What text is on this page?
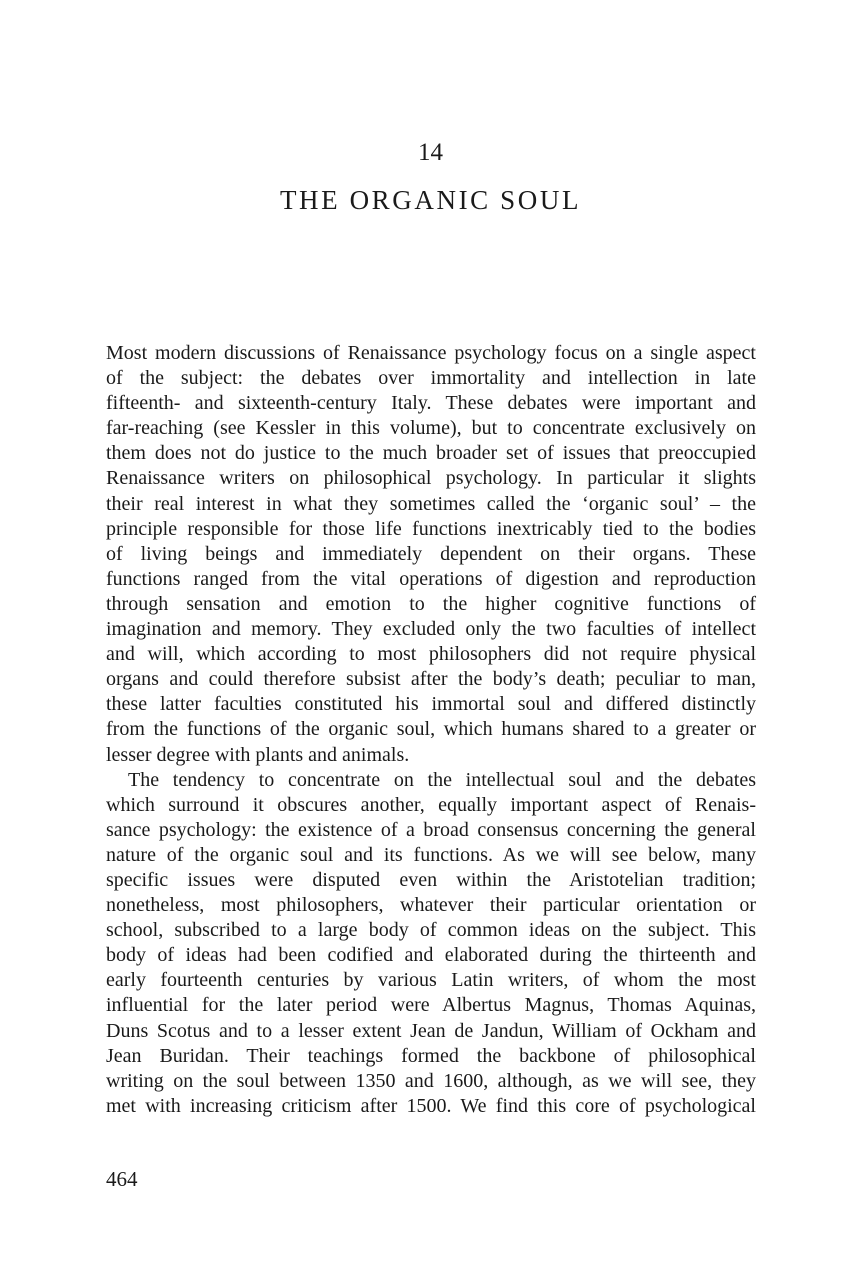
14
THE ORGANIC SOUL
Most modern discussions of Renaissance psychology focus on a single aspect
of the subject: the debates over immortality and intellection in late
fifteenth- and sixteenth-century Italy. These debates were important and
far-reaching (see Kessler in this volume), but to concentrate exclusively on
them does not do justice to the much broader set of issues that preoccupied
Renaissance writers on philosophical psychology. In particular it slights
their real interest in what they sometimes called the ‘organic soul’ – the
principle responsible for those life functions inextricably tied to the bodies
of living beings and immediately dependent on their organs. These
functions ranged from the vital operations of digestion and reproduction
through sensation and emotion to the higher cognitive functions of
imagination and memory. They excluded only the two faculties of intellect
and will, which according to most philosophers did not require physical
organs and could therefore subsist after the body’s death; peculiar to man,
these latter faculties constituted his immortal soul and differed distinctly
from the functions of the organic soul, which humans shared to a greater or
lesser degree with plants and animals.
The tendency to concentrate on the intellectual soul and the debates
which surround it obscures another, equally important aspect of Renais-
sance psychology: the existence of a broad consensus concerning the general
nature of the organic soul and its functions. As we will see below, many
specific issues were disputed even within the Aristotelian tradition;
nonetheless, most philosophers, whatever their particular orientation or
school, subscribed to a large body of common ideas on the subject. This
body of ideas had been codified and elaborated during the thirteenth and
early fourteenth centuries by various Latin writers, of whom the most
influential for the later period were Albertus Magnus, Thomas Aquinas,
Duns Scotus and to a lesser extent Jean de Jandun, William of Ockham and
Jean Buridan. Their teachings formed the backbone of philosophical
writing on the soul between 1350 and 1600, although, as we will see, they
met with increasing criticism after 1500. We find this core of psychological
464
